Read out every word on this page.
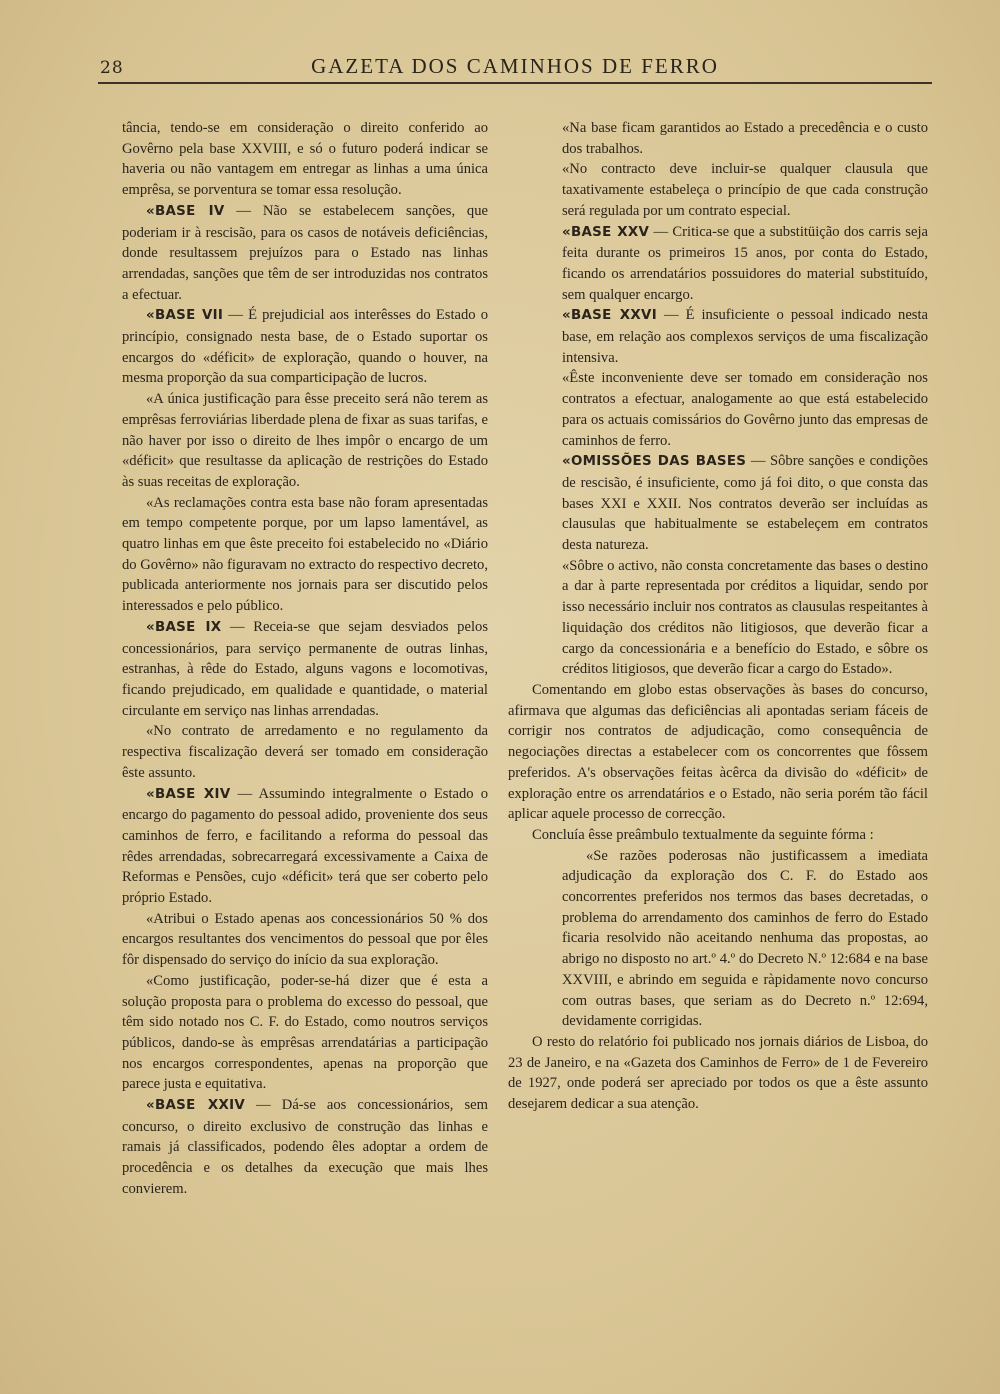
28	GAZETA DOS CAMINHOS DE FERRO

tância, tendo-se em consideração o direito conferido ao Govêrno pela base XXVIII, e só o futuro poderá indicar se haveria ou não vantagem em entregar as linhas a uma única emprêsa, se porventura se tomar essa resolução.

«BASE IV — Não se estabelecem sanções, que poderiam ir à rescisão, para os casos de notáveis deficiências, donde resultassem prejuízos para o Estado nas linhas arrendadas, sanções que têm de ser introduzidas nos contratos a efectuar.

«BASE VII — É prejudicial aos interêsses do Estado o princípio, consignado nesta base, de o Estado suportar os encargos do «déficit» de exploração, quando o houver, na mesma proporção da sua comparticipação de lucros.

«A única justificação para êsse preceito será não terem as emprêsas ferroviárias liberdade plena de fixar as suas tarifas, e não haver por isso o direito de lhes impôr o encargo de um «déficit» que resultasse da aplicação de restrições do Estado às suas receitas de exploração.

«As reclamações contra esta base não foram apresentadas em tempo competente porque, por um lapso lamentável, as quatro linhas em que êste preceito foi estabelecido no «Diário do Govêrno» não figuravam no extracto do respectivo decreto, publicada anteriormente nos jornais para ser discutido pelos interessados e pelo público.

«BASE IX — Receia-se que sejam desviados pelos concessionários, para serviço permanente de outras linhas, estranhas, à rêde do Estado, alguns vagons e locomotivas, ficando prejudicado, em qualidade e quantidade, o material circulante em serviço nas linhas arrendadas.

«No contrato de arredamento e no regulamento da respectiva fiscalização deverá ser tomado em consideração êste assunto.

«BASE XIV — Assumindo integralmente o Estado o encargo do pagamento do pessoal adido, proveniente dos seus caminhos de ferro, e facilitando a reforma do pessoal das rêdes arrendadas, sobrecarregará excessivamente a Caixa de Reformas e Pensões, cujo «déficit» terá que ser coberto pelo próprio Estado.

«Atribui o Estado apenas aos concessionários 50 % dos encargos resultantes dos vencimentos do pessoal que por êles fôr dispensado do serviço do início da sua exploração.

«Como justificação, poder-se-há dizer que é esta a solução proposta para o problema do excesso do pessoal, que têm sido notado nos C. F. do Estado, como noutros serviços públicos, dando-se às emprêsas arrendatárias a participação nos encargos correspondentes, apenas na proporção que parece justa e equitativa.

«BASE XXIV — Dá-se aos concessionários, sem concurso, o direito exclusivo de construção das linhas e ramais já classificados, podendo êles adoptar a ordem de procedência e os detalhes da execução que mais lhes convierem.

«Na base ficam garantidos ao Estado a precedência e o custo dos trabalhos.

«No contracto deve incluir-se qualquer clausula que taxativamente estabeleça o princípio de que cada construção será regulada por um contrato especial.

«BASE XXV — Critica-se que a substitüição dos carris seja feita durante os primeiros 15 anos, por conta do Estado, ficando os arrendatários possuidores do material substituído, sem qualquer encargo.

«BASE XXVI — É insuficiente o pessoal indicado nesta base, em relação aos complexos serviços de uma fiscalização intensiva.

«Êste inconveniente deve ser tomado em consideração nos contratos a efectuar, analogamente ao que está estabelecido para os actuais comissários do Govêrno junto das empresas de caminhos de ferro.

«OMISSÕES DAS BASES — Sôbre sanções e condições de rescisão, é insuficiente, como já foi dito, o que consta das bases XXI e XXII. Nos contratos deverão ser incluídas as clausulas que habitualmente se estabeleçem em contratos desta natureza.

«Sôbre o activo, não consta concretamente das bases o destino a dar à parte representada por créditos a liquidar, sendo por isso necessário incluir nos contratos as clausulas respeitantes à liquidação dos créditos não litigiosos, que deverão ficar a cargo da concessionária e a benefício do Estado, e sôbre os créditos litigiosos, que deverão ficar a cargo do Estado».

Comentando em globo estas observações às bases do concurso, afirmava que algumas das deficiências ali apontadas seriam fáceis de corrigir nos contratos de adjudicação, como consequência de negociações directas a estabelecer com os concorrentes que fôssem preferidos. A's observações feitas àcêrca da divisão do «déficit» de exploração entre os arrendatários e o Estado, não seria porém tão fácil aplicar aquele processo de correcção.

Concluía êsse preâmbulo textualmente da seguinte fórma :

«Se razões poderosas não justificassem a imediata adjudicação da exploração dos C. F. do Estado aos concorrentes preferidos nos termos das bases decretadas, o problema do arrendamento dos caminhos de ferro do Estado ficaria resolvido não aceitando nenhuma das propostas, ao abrigo no disposto no art.º 4.º do Decreto N.º 12:684 e na base XXVIII, e abrindo em seguida e ràpidamente novo concurso com outras bases, que seriam as do Decreto n.º 12:694, devidamente corrigidas.

O resto do relatório foi publicado nos jornais diários de Lisboa, do 23 de Janeiro, e na «Gazeta dos Caminhos de Ferro» de 1 de Fevereiro de 1927, onde poderá ser apreciado por todos os que a êste assunto desejarem dedicar a sua atenção.
